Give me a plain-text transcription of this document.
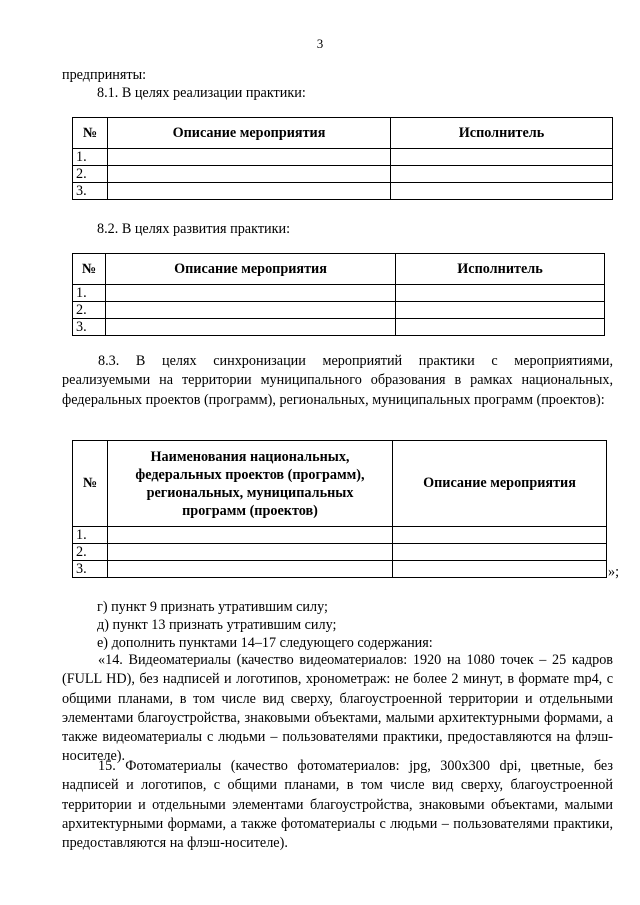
3
предприняты:
8.1. В целях реализации практики:
№	Описание мероприятия	Исполнитель
1.		
2.		
3.		
8.2. В целях развития практики:
№	Описание мероприятия	Исполнитель
1.		
2.		
3.		

8.3. В целях синхронизации мероприятий практики с мероприятиями, реализуемыми на территории муниципального образования в рамках национальных, федеральных проектов (программ), региональных, муниципальных программ (проектов):

№	Наименования национальных, федеральных проектов (программ), региональных, муниципальных программ (проектов)	Описание мероприятия
1.		
2.		
3.			»;
г) пункт 9 признать утратившим силу;
д) пункт 13 признать утратившим силу;
е) дополнить пунктами 14–17 следующего содержания:

«14. Видеоматериалы (качество видеоматериалов: 1920 на 1080 точек – 25 кадров (FULL HD), без надписей и логотипов, хронометраж: не более 2 минут, в формате mp4, с общими планами, в том числе вид сверху, благоустроенной территории и отдельными элементами благоустройства, знаковыми объектами, малыми архитектурными формами, а также видеоматериалы с людьми – пользователями практики, предоставляются на флэш-носителе).

15. Фотоматериалы (качество фотоматериалов: jpg, 300x300 dpi, цветные, без надписей и логотипов, с общими планами, в том числе вид сверху, благоустроенной территории и отдельными элементами благоустройства, знаковыми объектами, малыми архитектурными формами, а также фотоматериалы с людьми – пользователями практики, предоставляются на флэш-носителе).
